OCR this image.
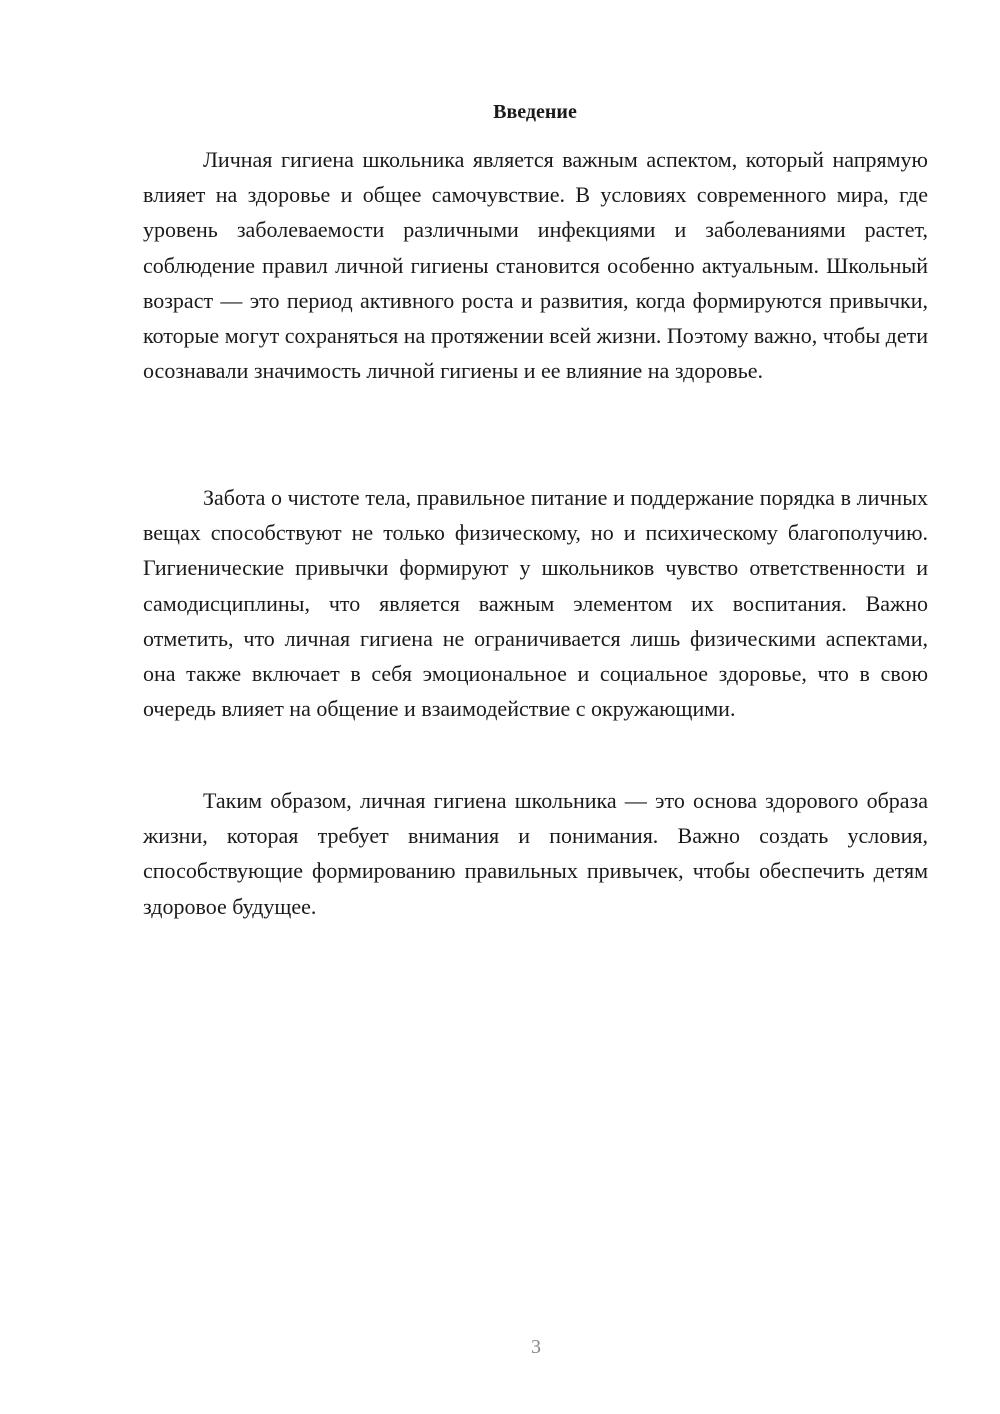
Введение

Личная гигиена школьника является важным аспектом, который напрямую влияет на здоровье и общее самочувствие. В условиях современного мира, где уровень заболеваемости различными инфекциями и заболеваниями растет, соблюдение правил личной гигиены становится особенно актуальным. Школьный возраст — это период активного роста и развития, когда формируются привычки, которые могут сохраняться на протяжении всей жизни. Поэтому важно, чтобы дети осознавали значимость личной гигиены и ее влияние на здоровье.

Забота о чистоте тела, правильное питание и поддержание порядка в личных вещах способствуют не только физическому, но и психическому благополучию. Гигиенические привычки формируют у школьников чувство ответственности и самодисциплины, что является важным элементом их воспитания. Важно отметить, что личная гигиена не ограничивается лишь физическими аспектами, она также включает в себя эмоциональное и социальное здоровье, что в свою очередь влияет на общение и взаимодействие с окружающими.

Таким образом, личная гигиена школьника — это основа здорового образа жизни, которая требует внимания и понимания. Важно создать условия, способствующие формированию правильных привычек, чтобы обеспечить детям здоровое будущее.

3
